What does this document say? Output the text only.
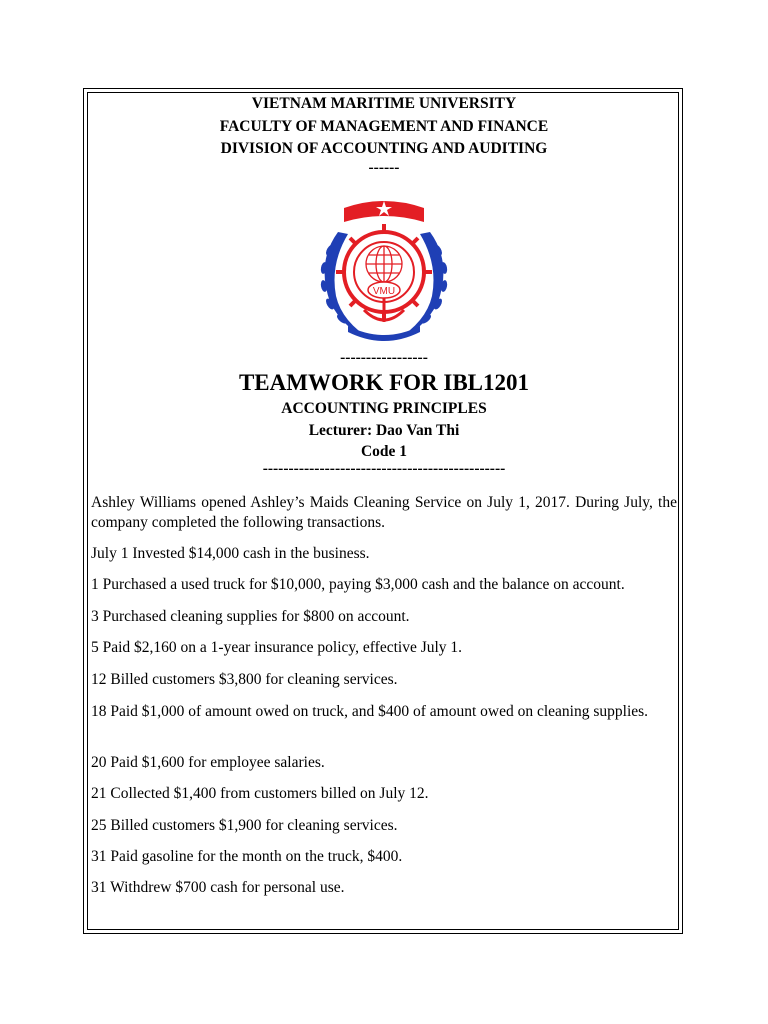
VIETNAM MARITIME UNIVERSITY
FACULTY OF MANAGEMENT AND FINANCE
DIVISION OF ACCOUNTING AND AUDITING
------
VMU
-----------------
TEAMWORK FOR IBL1201
ACCOUNTING PRINCIPLES
Lecturer: Dao Van Thi
Code 1
-----------------------------------------------

Ashley Williams opened Ashley’s Maids Cleaning Service on July 1, 2017. During July, the company completed the following transactions.

July 1 Invested $14,000 cash in the business.
1 Purchased a used truck for $10,000, paying $3,000 cash and the balance on account.
3 Purchased cleaning supplies for $800 on account.
5 Paid $2,160 on a 1-year insurance policy, effective July 1.
12 Billed customers $3,800 for cleaning services.
18 Paid $1,000 of amount owed on truck, and $400 of amount owed on cleaning supplies.
20 Paid $1,600 for employee salaries.
21 Collected $1,400 from customers billed on July 12.
25 Billed customers $1,900 for cleaning services.
31 Paid gasoline for the month on the truck, $400.
31 Withdrew $700 cash for personal use.
